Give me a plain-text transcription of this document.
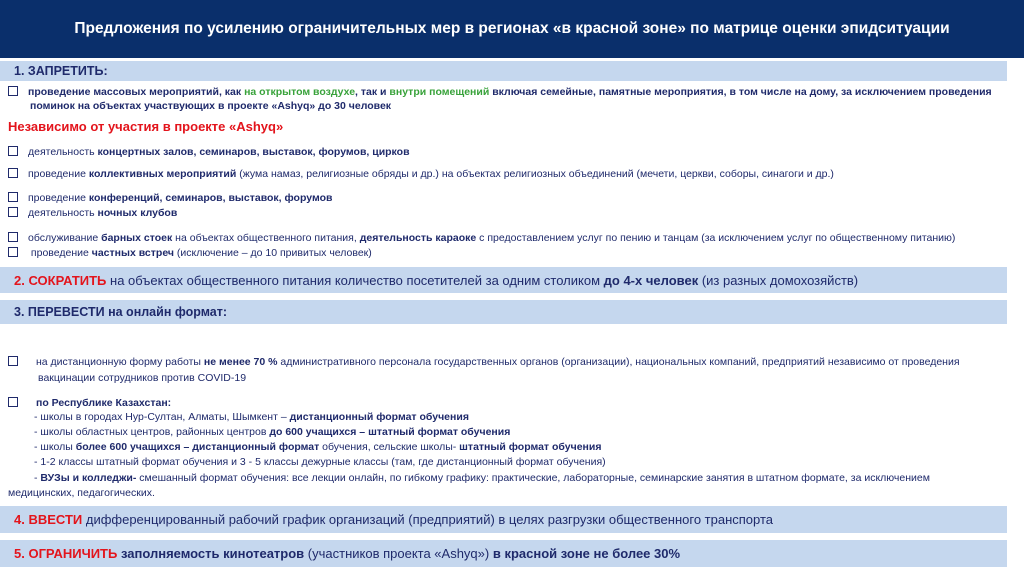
Предложения по усилению ограничительных мер в регионах «в красной зоне» по матрице оценки эпидситуации
1. ЗАПРЕТИТЬ:
проведение массовых мероприятий, как на открытом воздухе, так и внутри помещений включая семейные, памятные мероприятия, в том числе на дому, за исключением проведения
поминок на объектах участвующих в проекте «Ashyq» до 30 человек
Независимо от участия в проекте «Ashyq»
деятельность концертных залов, семинаров, выставок, форумов, цирков
проведение коллективных мероприятий (жума намаз, религиозные обряды и др.) на объектах религиозных объединений (мечети, церкви, соборы, синагоги и др.)
проведение конференций, семинаров, выставок, форумов
деятельность ночных клубов
обслуживание барных стоек на объектах общественного питания, деятельность караоке с предоставлением услуг по пению и танцам (за исключением услуг по общественному питанию)
проведение частных встреч (исключение – до 10 привитых человек)
2. СОКРАТИТЬ на объектах общественного питания количество посетителей за одним столиком до 4-х человек (из разных домохозяйств)
3. ПЕРЕВЕСТИ на онлайн формат:
на дистанционную форму работы не менее 70 % административного персонала государственных органов (организации), национальных компаний, предприятий независимо от проведения
вакцинации сотрудников против COVID-19
по Республике Казахстан:
- школы в городах Нур-Султан, Алматы, Шымкент – дистанционный формат обучения
- школы областных центров, районных центров до 600 учащихся – штатный формат обучения
- школы более 600 учащихся – дистанционный формат обучения, сельские школы- штатный формат обучения
- 1-2 классы штатный формат обучения и 3 - 5 классы дежурные классы (там, где дистанционный формат обучения)
- ВУЗы и колледжи- смешанный формат обучения: все лекции онлайн, по гибкому графику: практические, лабораторные, семинарские занятия в штатном формате, за исключением
медицинских, педагогических.
4. ВВЕСТИ дифференцированный рабочий график организаций (предприятий) в целях разгрузки общественного транспорта
5. ОГРАНИЧИТЬ заполняемость кинотеатров (участников проекта «Ashyq») в красной зоне не более 30%
